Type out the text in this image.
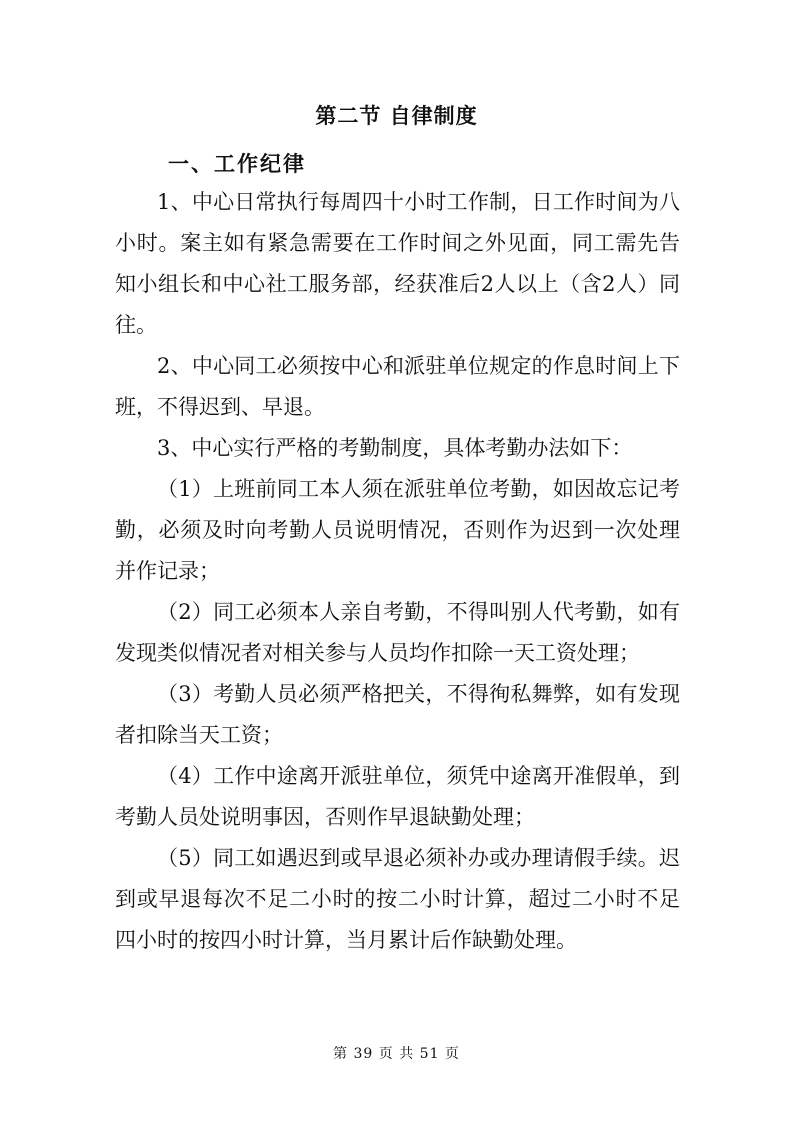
第二节 自律制度
一、工作纪律

1、中心日常执行每周四十小时工作制，日工作时间为八小时。案主如有紧急需要在工作时间之外见面，同工需先告知小组长和中心社工服务部，经获准后2人以上（含2人）同往。

2、中心同工必须按中心和派驻单位规定的作息时间上下班，不得迟到、早退。

3、中心实行严格的考勤制度，具体考勤办法如下：

（1）上班前同工本人须在派驻单位考勤，如因故忘记考勤，必须及时向考勤人员说明情况，否则作为迟到一次处理并作记录；

（2）同工必须本人亲自考勤，不得叫别人代考勤，如有发现类似情况者对相关参与人员均作扣除一天工资处理；

（3）考勤人员必须严格把关，不得徇私舞弊，如有发现者扣除当天工资；

（4）工作中途离开派驻单位，须凭中途离开准假单，到考勤人员处说明事因，否则作早退缺勤处理；

（5）同工如遇迟到或早退必须补办或办理请假手续。迟到或早退每次不足二小时的按二小时计算，超过二小时不足四小时的按四小时计算，当月累计后作缺勤处理。

第 39 页 共 51 页
